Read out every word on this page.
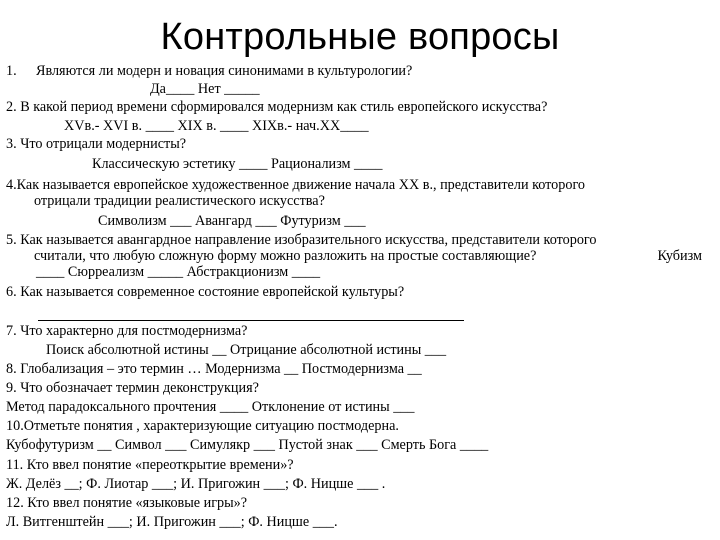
Контрольные вопросы
1. Являются ли модерн и новация синонимами в культурологии?
Да____ Нет _____
2. В какой период времени сформировался модернизм как стиль европейского искусства?
XVв.- XVI в. ____ XIX в. ____ XIXв.- нач.XX____
3. Что отрицали модернисты?
Классическую эстетику ____ Рационализм ____
4.Как называется европейское художественное движение начала XX в., представители которого
отрицали традиции реалистического искусства?
Символизм ___ Авангард ___ Футуризм ___
5. Как называется авангардное направление изобразительного искусства, представители которого
считали, что любую сложную форму можно разложить на простые составляющие?	Кубизм
____ Сюрреализм _____ Абстракционизм ____
6. Как называется современное состояние европейской культуры?
7. Что характерно для постмодернизма?
Поиск абсолютной истины __ Отрицание абсолютной истины ___
8. Глобализация – это термин … Модернизма __ Постмодернизма __
9. Что обозначает термин деконструкция?
Метод парадоксального прочтения ____ Отклонение от истины ___
10.Отметьте понятия , характеризующие ситуацию постмодерна.
Кубофутуризм __ Символ ___ Симулякр ___ Пустой знак ___ Смерть Бога ____
11. Кто ввел понятие «переоткрытие времени»?
Ж. Делёз __; Ф. Лиотар ___; И. Пригожин ___; Ф. Ницше ___ .
12. Кто ввел понятие «языковые игры»?
Л. Витгенштейн ___; И. Пригожин ___; Ф. Ницше ___.
